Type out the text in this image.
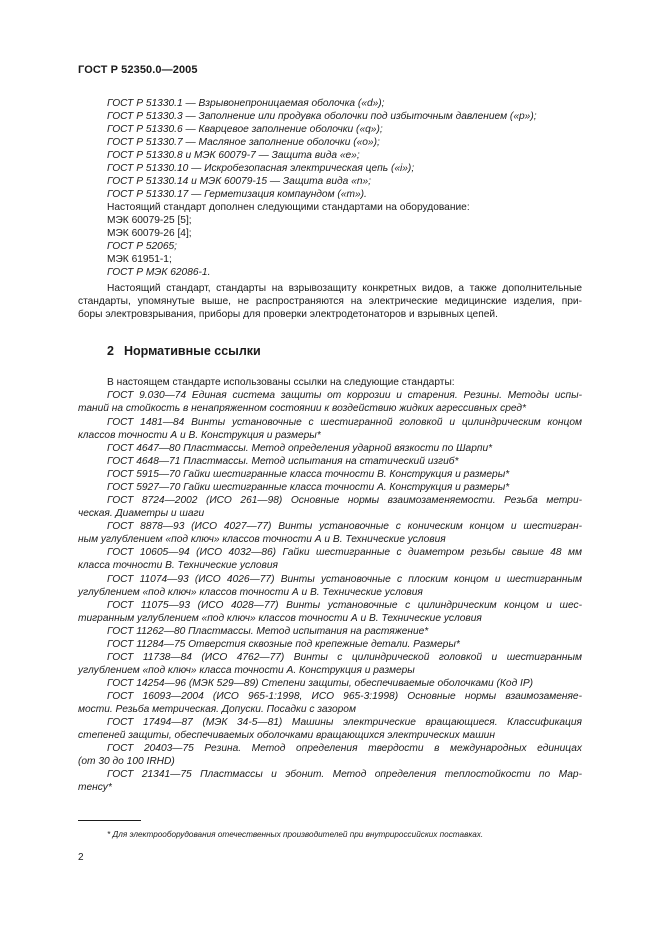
ГОСТ Р 52350.0—2005
ГОСТ Р 51330.1 — Взрывонепроницаемая оболочка («d»);
ГОСТ Р 51330.3 — Заполнение или продувка оболочки под избыточным давлением («р»);
ГОСТ Р 51330.6 — Кварцевое заполнение оболочки («q»);
ГОСТ Р 51330.7 — Масляное заполнение оболочки («о»);
ГОСТ Р 51330.8 и МЭК 60079-7 — Защита вида «е»;
ГОСТ Р 51330.10 — Искробезопасная электрическая цепь («i»);
ГОСТ Р 51330.14 и МЭК 60079-15 — Защита вида «n»;
ГОСТ Р 51330.17 — Герметизация компаундом («m»).
Настоящий стандарт дополнен следующими стандартами на оборудование:
МЭК 60079-25 [5];
МЭК 60079-26 [4];
ГОСТ Р 52065;
МЭК 61951-1;
ГОСТ Р МЭК 62086-1.
Настоящий стандарт, стандарты на взрывозащиту конкретных видов, а также дополнительные
стандарты, упомянутые выше, не распространяются на электрические медицинские изделия, при-
боры электровзрывания, приборы для проверки электродетонаторов и взрывных цепей.
2 Нормативные ссылки
В настоящем стандарте использованы ссылки на следующие стандарты:
ГОСТ 9.030—74 Единая система защиты от коррозии и старения. Резины. Методы испы-
таний на стойкость в ненапряженном состоянии к воздействию жидких агрессивных сред*
ГОСТ 1481—84 Винты установочные с шестигранной головкой и цилиндрическим концом
классов точности А и В. Конструкция и размеры*
ГОСТ 4647—80 Пластмассы. Метод определения ударной вязкости по Шарпи*
ГОСТ 4648—71 Пластмассы. Метод испытания на статический изгиб*
ГОСТ 5915—70 Гайки шестигранные класса точности В. Конструкция и размеры*
ГОСТ 5927—70 Гайки шестигранные класса точности А. Конструкция и размеры*
ГОСТ 8724—2002 (ИСО 261—98) Основные нормы взаимозаменяемости. Резьба метри-
ческая. Диаметры и шаги
ГОСТ 8878—93 (ИСО 4027—77) Винты установочные с коническим концом и шестигран-
ным углублением «под ключ» классов точности А и В. Технические условия
ГОСТ 10605—94 (ИСО 4032—86) Гайки шестигранные с диаметром резьбы свыше 48 мм
класса точности В. Технические условия
ГОСТ 11074—93 (ИСО 4026—77) Винты установочные с плоским концом и шестигранным
углублением «под ключ» классов точности А и В. Технические условия
ГОСТ 11075—93 (ИСО 4028—77) Винты установочные с цилиндрическим концом и шес-
тигранным углублением «под ключ» классов точности А и В. Технические условия
ГОСТ 11262—80 Пластмассы. Метод испытания на растяжение*
ГОСТ 11284—75 Отверстия сквозные под крепежные детали. Размеры*
ГОСТ 11738—84 (ИСО 4762—77) Винты с цилиндрической головкой и шестигранным
углублением «под ключ» класса точности А. Конструкция и размеры
ГОСТ 14254—96 (МЭК 529—89) Степени защиты, обеспечиваемые оболочками (Код IP)
ГОСТ 16093—2004 (ИСО 965-1:1998, ИСО 965-3:1998) Основные нормы взаимозаменяе-
мости. Резьба метрическая. Допуски. Посадки с зазором
ГОСТ 17494—87 (МЭК 34-5—81) Машины электрические вращающиеся. Классификация
степеней защиты, обеспечиваемых оболочками вращающихся электрических машин
ГОСТ 20403—75 Резина. Метод определения твердости в международных единицах
(от 30 до 100 IRHD)
ГОСТ 21341—75 Пластмассы и эбонит. Метод определения теплостойкости по Мар-
тенсу*
* Для электрооборудования отечественных производителей при внутрироссийских поставках.
2
